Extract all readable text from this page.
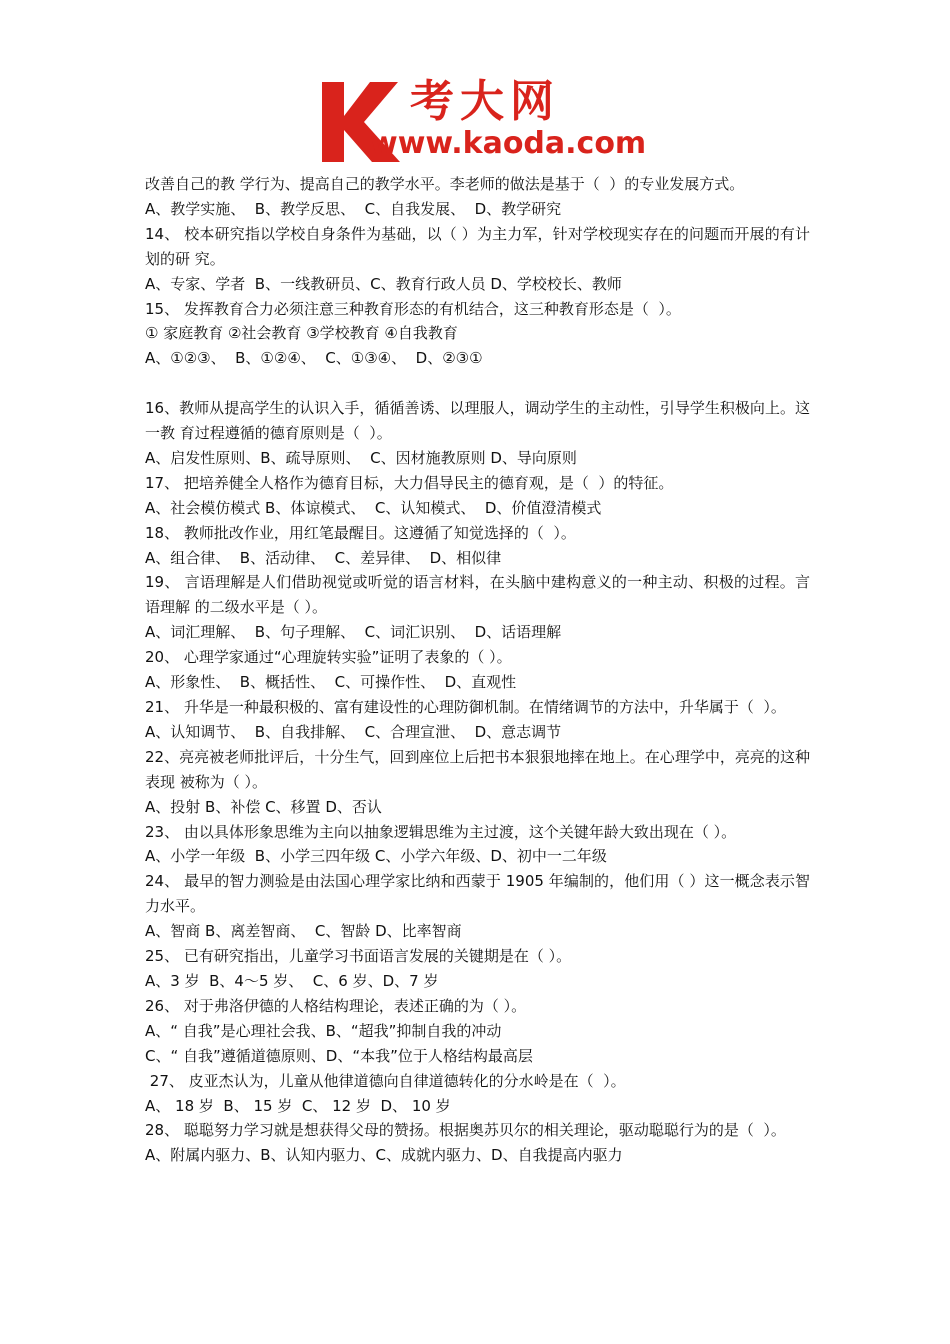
考大网
www.kaoda.com

改善自己的教 学行为、提高自己的教学水平。李老师的做法是基于（  ）的专业发展方式。

A、教学实施、  B、教学反思、  C、自我发展、  D、教学研究

14、 校本研究指以学校自身条件为基础，以（ ）为主力军，针对学校现实存在的问题而开展的有计划的研 究。

A、专家、学者  B、一线教研员、C、教育行政人员 D、学校校长、教师

15、 发挥教育合力必须注意三种教育形态的有机结合，这三种教育形态是（  ）。

① 家庭教育 ②社会教育 ③学校教育 ④自我教育

A、①②③、  B、①②④、  C、①③④、  D、②③①

16、教师从提高学生的认识入手，循循善诱、以理服人，调动学生的主动性，引导学生积极向上。这一教 育过程遵循的德育原则是（  ）。

A、启发性原则、B、疏导原则、  C、因材施教原则 D、导向原则

17、 把培养健全人格作为德育目标，大力倡导民主的德育观，是（  ）的特征。

A、社会模仿模式 B、体谅模式、  C、认知模式、  D、价值澄清模式

18、 教师批改作业，用红笔最醒目。这遵循了知觉选择的（  ）。

A、组合律、  B、活动律、  C、差异律、  D、相似律

19、 言语理解是人们借助视觉或听觉的语言材料，在头脑中建构意义的一种主动、积极的过程。言语理解 的二级水平是（ ）。

A、词汇理解、  B、句子理解、  C、词汇识别、  D、话语理解

20、 心理学家通过“心理旋转实验”证明了表象的（ ）。

A、形象性、  B、概括性、  C、可操作性、  D、直观性

21、 升华是一种最积极的、富有建设性的心理防御机制。在情绪调节的方法中，升华属于（  ）。

A、认知调节、  B、自我排解、  C、合理宣泄、  D、意志调节

22、亮亮被老师批评后，十分生气，回到座位上后把书本狠狠地摔在地上。在心理学中，亮亮的这种表现 被称为（ ）。

A、投射 B、补偿 C、移置 D、否认

23、 由以具体形象思维为主向以抽象逻辑思维为主过渡，这个关键年龄大致出现在（ ）。

A、小学一年级  B、小学三四年级 C、小学六年级、D、初中一二年级

24、 最早的智力测验是由法国心理学家比纳和西蒙于 1905 年编制的，他们用（ ）这一概念表示智力水平。

A、智商 B、离差智商、  C、智龄 D、比率智商

25、 已有研究指出，儿童学习书面语言发展的关键期是在（ ）。

A、3 岁  B、4～5 岁、  C、6 岁、D、7 岁

26、 对于弗洛伊德的人格结构理论，表述正确的为（ ）。

A、“ 自我”是心理社会我、B、“超我”抑制自我的冲动

C、“ 自我”遵循道德原则、D、“本我”位于人格结构最高层

27、 皮亚杰认为，儿童从他律道德向自律道德转化的分水岭是在（  ）。

A、 18 岁  B、 15 岁  C、 12 岁  D、 10 岁

28、 聪聪努力学习就是想获得父母的赞扬。根据奥苏贝尔的相关理论，驱动聪聪行为的是（  ）。

A、附属内驱力、B、认知内驱力、C、成就内驱力、D、自我提高内驱力
